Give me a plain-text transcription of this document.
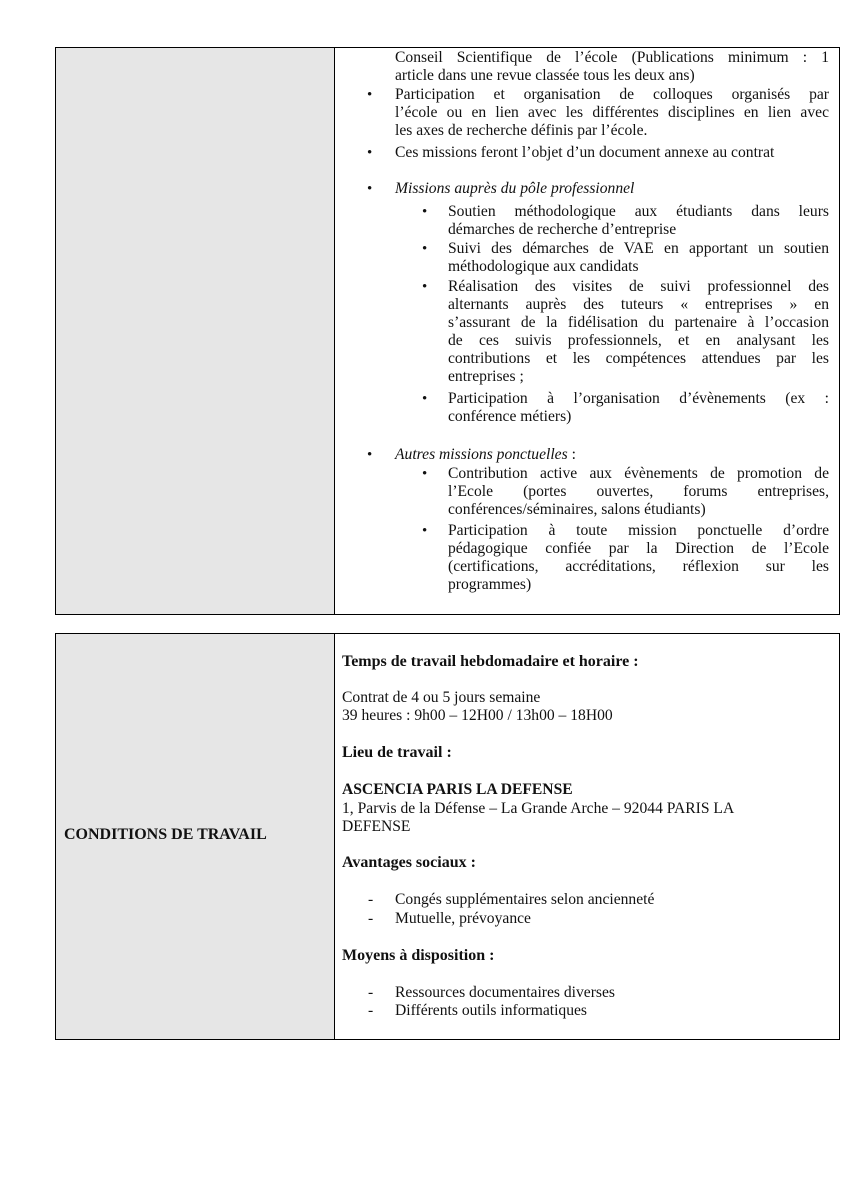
Conseil Scientifique de l’école (Publications minimum : 1
article dans une revue classée tous les deux ans)
• Participation et organisation de colloques organisés par
l’école ou en lien avec les différentes disciplines en lien avec
les axes de recherche définis par l’école.
• Ces missions feront l’objet d’un document annexe au contrat
• Missions auprès du pôle professionnel
• Soutien méthodologique aux étudiants dans leurs
démarches de recherche d’entreprise
• Suivi des démarches de VAE en apportant un soutien
méthodologique aux candidats
• Réalisation des visites de suivi professionnel des
alternants auprès des tuteurs « entreprises » en
s’assurant de la fidélisation du partenaire à l’occasion
de ces suivis professionnels, et en analysant les
contributions et les compétences attendues par les
entreprises ;
• Participation à l’organisation d’évènements (ex :
conférence métiers)
• Autres missions ponctuelles :
• Contribution active aux évènements de promotion de
l’Ecole (portes ouvertes, forums entreprises,
conférences/séminaires, salons étudiants)
• Participation à toute mission ponctuelle d’ordre
pédagogique confiée par la Direction de l’Ecole
(certifications, accréditations, réflexion sur les
programmes)
CONDITIONS DE TRAVAIL
Temps de travail hebdomadaire et horaire :
Contrat de 4 ou 5 jours semaine
39 heures : 9h00 – 12H00 / 13h00 – 18H00
Lieu de travail :
ASCENCIA PARIS LA DEFENSE
1, Parvis de la Défense – La Grande Arche – 92044 PARIS LA
DEFENSE
Avantages sociaux :
- Congés supplémentaires selon ancienneté
- Mutuelle, prévoyance
Moyens à disposition :
- Ressources documentaires diverses
- Différents outils informatiques
